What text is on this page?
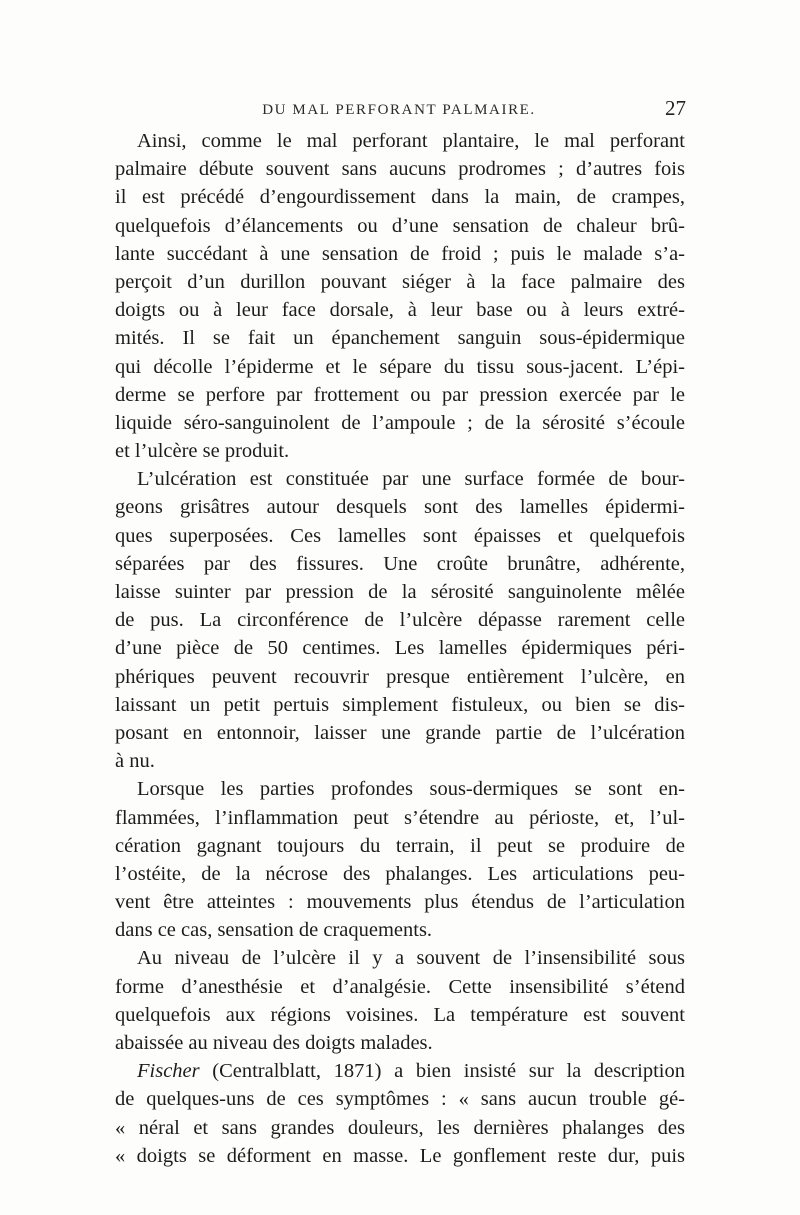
DU MAL PERFORANT PALMAIRE.	27
Ainsi, comme le mal perforant plantaire, le mal perforant
palmaire débute souvent sans aucuns prodromes ; d’autres fois
il est précédé d’engourdissement dans la main, de crampes,
quelquefois d’élancements ou d’une sensation de chaleur brû-
lante succédant à une sensation de froid ; puis le malade s’a-
perçoit d’un durillon pouvant siéger à la face palmaire des
doigts ou à leur face dorsale, à leur base ou à leurs extré-
mités. Il se fait un épanchement sanguin sous-épidermique
qui décolle l’épiderme et le sépare du tissu sous-jacent. L’épi-
derme se perfore par frottement ou par pression exercée par le
liquide séro-sanguinolent de l’ampoule ; de la sérosité s’écoule
et l’ulcère se produit.
L’ulcération est constituée par une surface formée de bour-
geons grisâtres autour desquels sont des lamelles épidermi-
ques superposées. Ces lamelles sont épaisses et quelquefois
séparées par des fissures. Une croûte brunâtre, adhérente,
laisse suinter par pression de la sérosité sanguinolente mêlée
de pus. La circonférence de l’ulcère dépasse rarement celle
d’une pièce de 50 centimes. Les lamelles épidermiques péri-
phériques peuvent recouvrir presque entièrement l’ulcère, en
laissant un petit pertuis simplement fistuleux, ou bien se dis-
posant en entonnoir, laisser une grande partie de l’ulcération
à nu.
Lorsque les parties profondes sous-dermiques se sont en-
flammées, l’inflammation peut s’étendre au périoste, et, l’ul-
cération gagnant toujours du terrain, il peut se produire de
l’ostéite, de la nécrose des phalanges. Les articulations peu-
vent être atteintes : mouvements plus étendus de l’articulation
dans ce cas, sensation de craquements.
Au niveau de l’ulcère il y a souvent de l’insensibilité sous
forme d’anesthésie et d’analgésie. Cette insensibilité s’étend
quelquefois aux régions voisines. La température est souvent
abaissée au niveau des doigts malades.
Fischer (Centralblatt, 1871) a bien insisté sur la description
de quelques-uns de ces symptômes : « sans aucun trouble gé-
« néral et sans grandes douleurs, les dernières phalanges des
« doigts se déforment en masse. Le gonflement reste dur, puis
